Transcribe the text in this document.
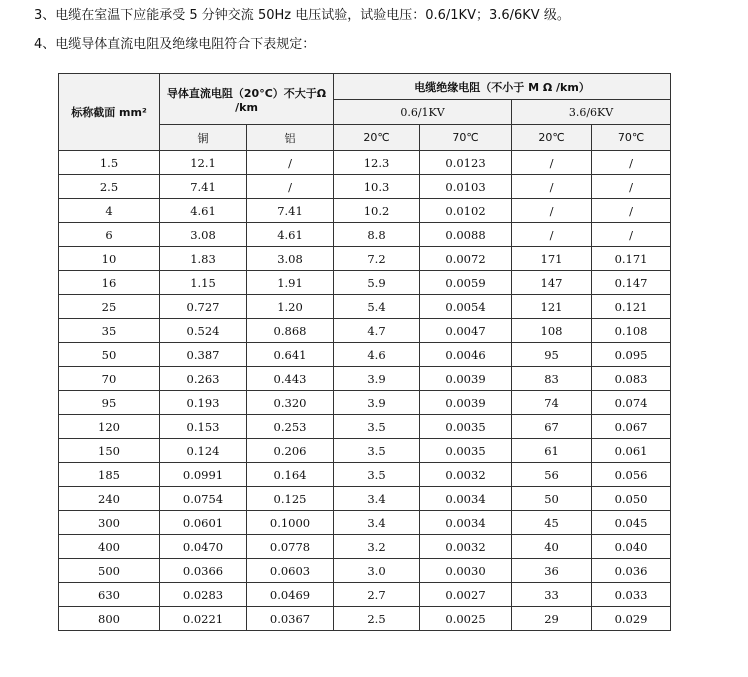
3、电缆在室温下应能承受 5 分钟交流 50Hz 电压试验，试验电压：0.6/1KV；3.6/6KV 级。
4、电缆导体直流电阻及绝缘电阻符合下表规定：
标称截面 mm²	导体直流电阻（20°C）不大于Ω /km		电缆绝缘电阻（不小于 M Ω /km）			
			0.6/1KV		3.6/6KV	
	铜	铝	20℃	70℃	20℃	70℃
1.5	12.1	/	12.3	0.0123	/	/
2.5	7.41	/	10.3	0.0103	/	/
4	4.61	7.41	10.2	0.0102	/	/
6	3.08	4.61	8.8	0.0088	/	/
10	1.83	3.08	7.2	0.0072	171	0.171
16	1.15	1.91	5.9	0.0059	147	0.147
25	0.727	1.20	5.4	0.0054	121	0.121
35	0.524	0.868	4.7	0.0047	108	0.108
50	0.387	0.641	4.6	0.0046	95	0.095
70	0.263	0.443	3.9	0.0039	83	0.083
95	0.193	0.320	3.9	0.0039	74	0.074
120	0.153	0.253	3.5	0.0035	67	0.067
150	0.124	0.206	3.5	0.0035	61	0.061
185	0.0991	0.164	3.5	0.0032	56	0.056
240	0.0754	0.125	3.4	0.0034	50	0.050
300	0.0601	0.1000	3.4	0.0034	45	0.045
400	0.0470	0.0778	3.2	0.0032	40	0.040
500	0.0366	0.0603	3.0	0.0030	36	0.036
630	0.0283	0.0469	2.7	0.0027	33	0.033
800	0.0221	0.0367	2.5	0.0025	29	0.029
